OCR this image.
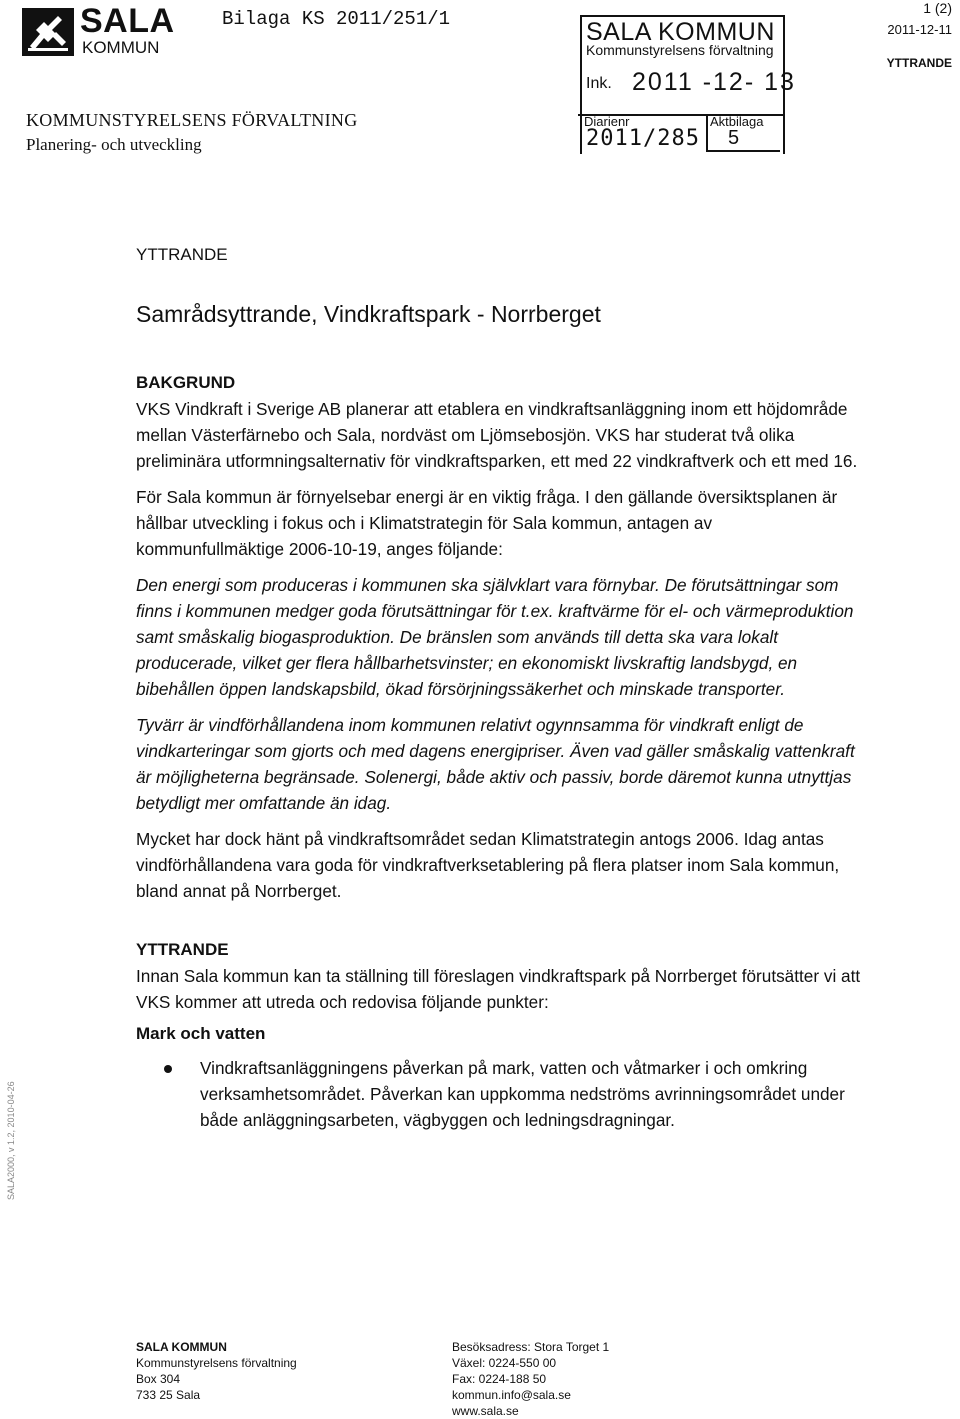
SALA
KOMMUN
Bilaga KS 2011/251/1	SALA KOMMUN
Kommunstyrelsens förvaltning
Ink. 2011 -12- 13
Diarienr
2011/285
Aktbilaga
5
1 (2)
2011-12-11
YTTRANDE
KOMMUNSTYRELSENS FÖRVALTNING
Planering- och utveckling
YTTRANDE
Samrådsyttrande, Vindkraftspark - Norrberget
BAKGRUND
VKS Vindkraft i Sverige AB planerar att etablera en vindkraftsanläggning inom ett höjdområde mellan Västerfärnebo och Sala, nordväst om Ljömsebosjön. VKS har studerat två olika preliminära utformningsalternativ för vindkraftsparken, ett med 22 vindkraftverk och ett med 16.
För Sala kommun är förnyelsebar energi är en viktig fråga. I den gällande översiktsplanen är hållbar utveckling i fokus och i Klimatstrategin för Sala kommun, antagen av kommunfullmäktige 2006-10-19, anges följande:
Den energi som produceras i kommunen ska självklart vara förnybar. De förutsättningar som finns i kommunen medger goda förutsättningar för t.ex. kraftvärme för el- och värmeproduktion samt småskalig biogasproduktion. De bränslen som används till detta ska vara lokalt producerade, vilket ger flera hållbarhetsvinster; en ekonomiskt livskraftig landsbygd, en bibehållen öppen landskapsbild, ökad försörjningssäkerhet och minskade transporter.
Tyvärr är vindförhållandena inom kommunen relativt ogynnsamma för vindkraft enligt de vindkarteringar som gjorts och med dagens energipriser. Även vad gäller småskalig vattenkraft är möjligheterna begränsade. Solenergi, både aktiv och passiv, borde däremot kunna utnyttjas betydligt mer omfattande än idag.
Mycket har dock hänt på vindkraftsområdet sedan Klimatstrategin antogs 2006. Idag antas vindförhållandena vara goda för vindkraftverksetablering på flera platser inom Sala kommun, bland annat på Norrberget.
YTTRANDE
Innan Sala kommun kan ta ställning till föreslagen vindkraftspark på Norrberget förutsätter vi att VKS kommer att utreda och redovisa följande punkter:
Mark och vatten
Vindkraftsanläggningens påverkan på mark, vatten och våtmarker i och omkring verksamhetsområdet. Påverkan kan uppkomma nedströms avrinningsområdet under både anläggningsarbeten, vägbyggen och ledningsdragningar.
SALA2000, v 1.2, 2010-04-26
SALA KOMMUN
Kommunstyrelsens förvaltning
Box 304
733 25 Sala
Besöksadress: Stora Torget 1
Växel: 0224-550 00
Fax: 0224-188 50
kommun.info@sala.se
www.sala.se
